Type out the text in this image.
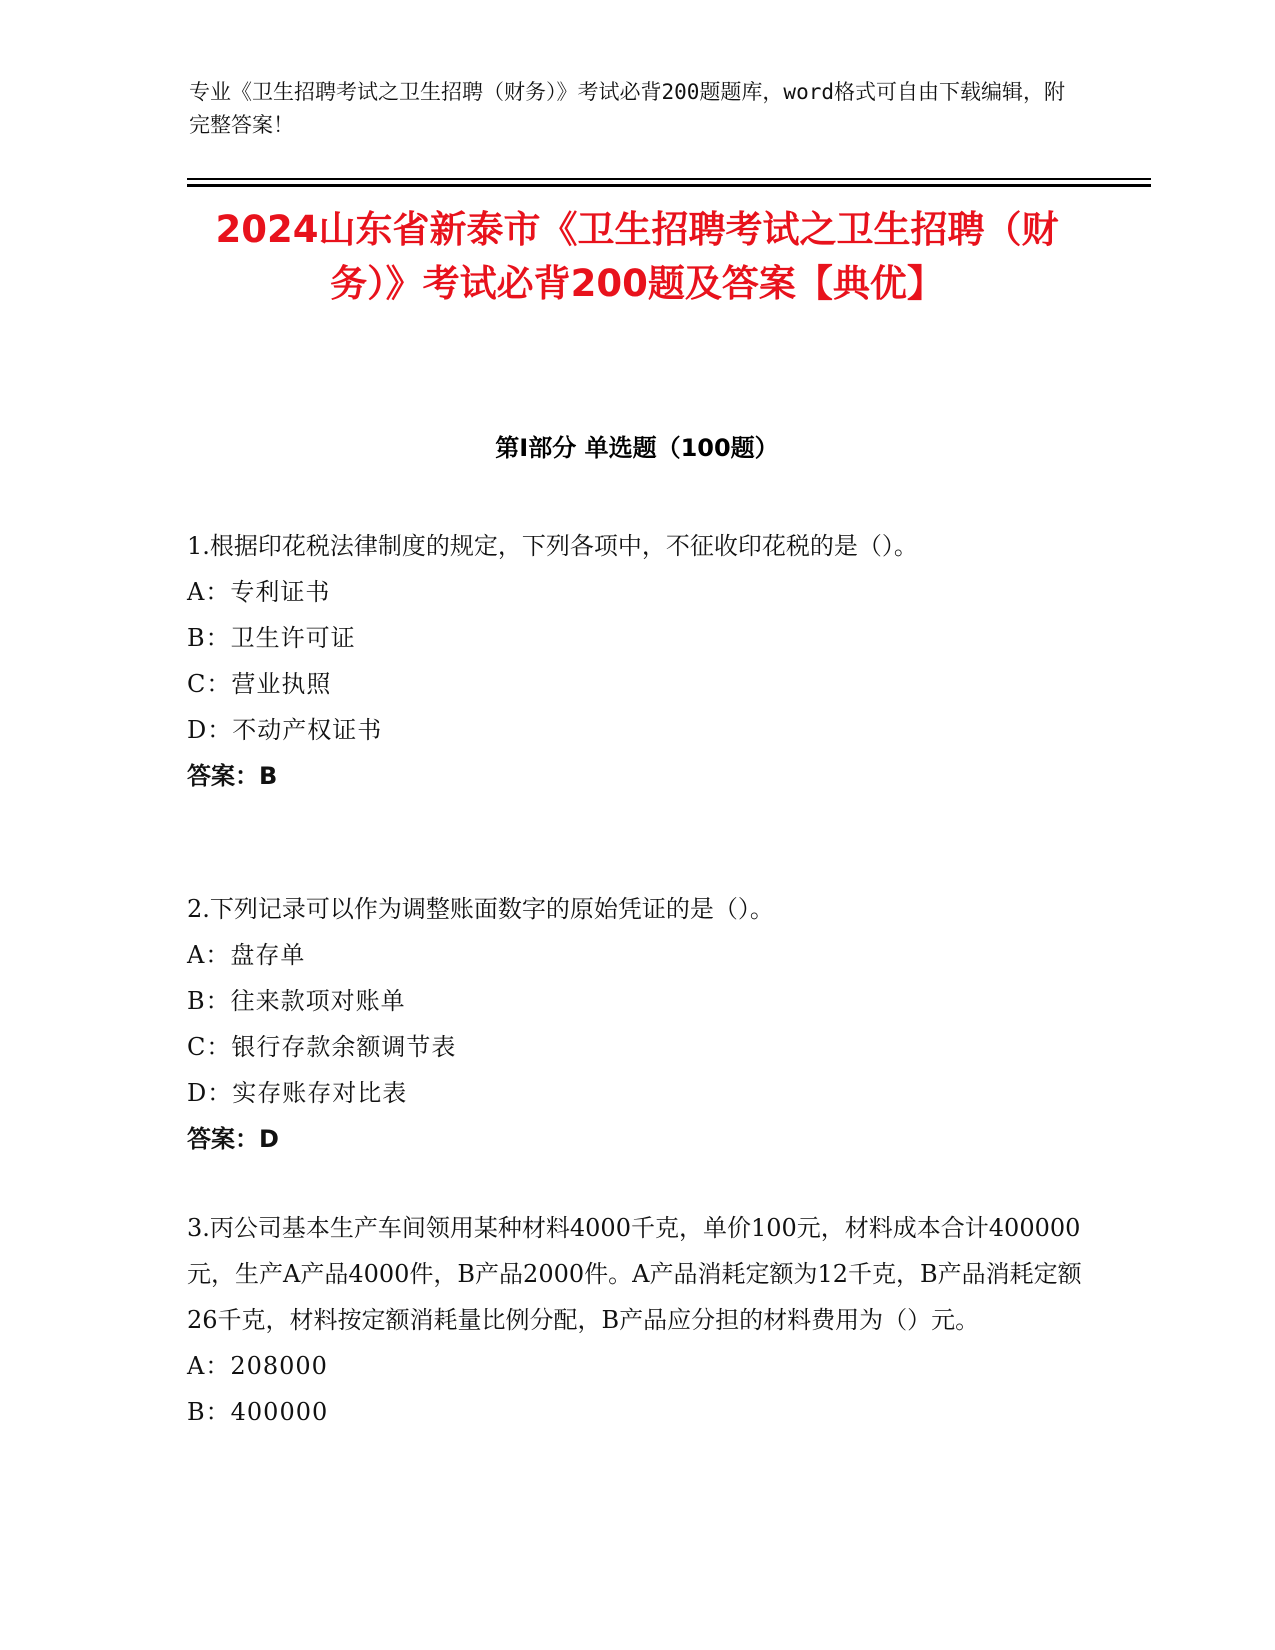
专业《卫生招聘考试之卫生招聘（财务）》考试必背200题题库，word格式可自由下载编辑，附完整答案！
2024山东省新泰市《卫生招聘考试之卫生招聘（财务）》考试必背200题及答案【典优】
第I部分 单选题（100题）

1.根据印花税法律制度的规定，下列各项中，不征收印花税的是（）。

A：专利证书

B：卫生许可证

C：营业执照

D：不动产权证书

答案：B

2.下列记录可以作为调整账面数字的原始凭证的是（）。

A：盘存单

B：往来款项对账单

C：银行存款余额调节表

D：实存账存对比表

答案：D

3.丙公司基本生产车间领用某种材料4000千克，单价100元，材料成本合计400000元，生产A产品4000件，B产品2000件。A产品消耗定额为12千克，B产品消耗定额26千克，材料按定额消耗量比例分配，B产品应分担的材料费用为（）元。

A：208000

B：400000
